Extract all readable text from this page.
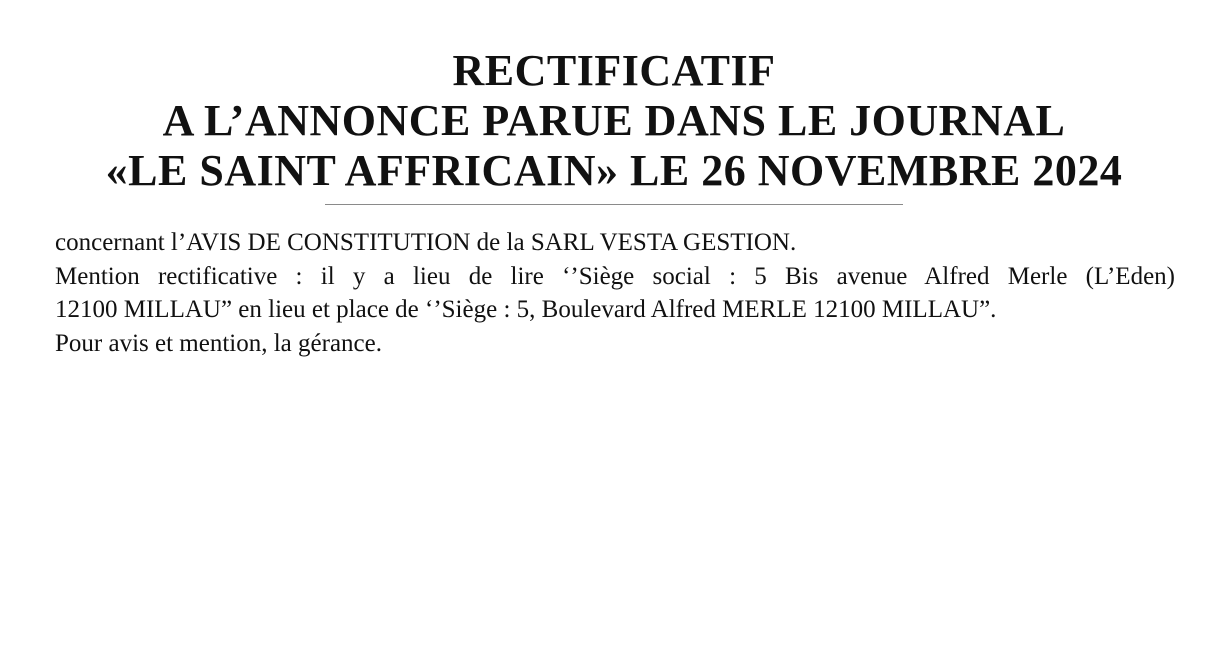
RECTIFICATIF
A L’ANNONCE PARUE DANS LE JOURNAL
«LE SAINT AFFRICAIN» LE 26 NOVEMBRE 2024
concernant l’AVIS DE CONSTITUTION de la SARL VESTA GESTION.
Mention rectificative : il y a lieu de lire ‘’Siège social : 5 Bis avenue Alfred Merle (L’Eden)
12100 MILLAU” en lieu et place de ‘’Siège : 5, Boulevard Alfred MERLE 12100 MILLAU”.
Pour avis et mention, la gérance.
